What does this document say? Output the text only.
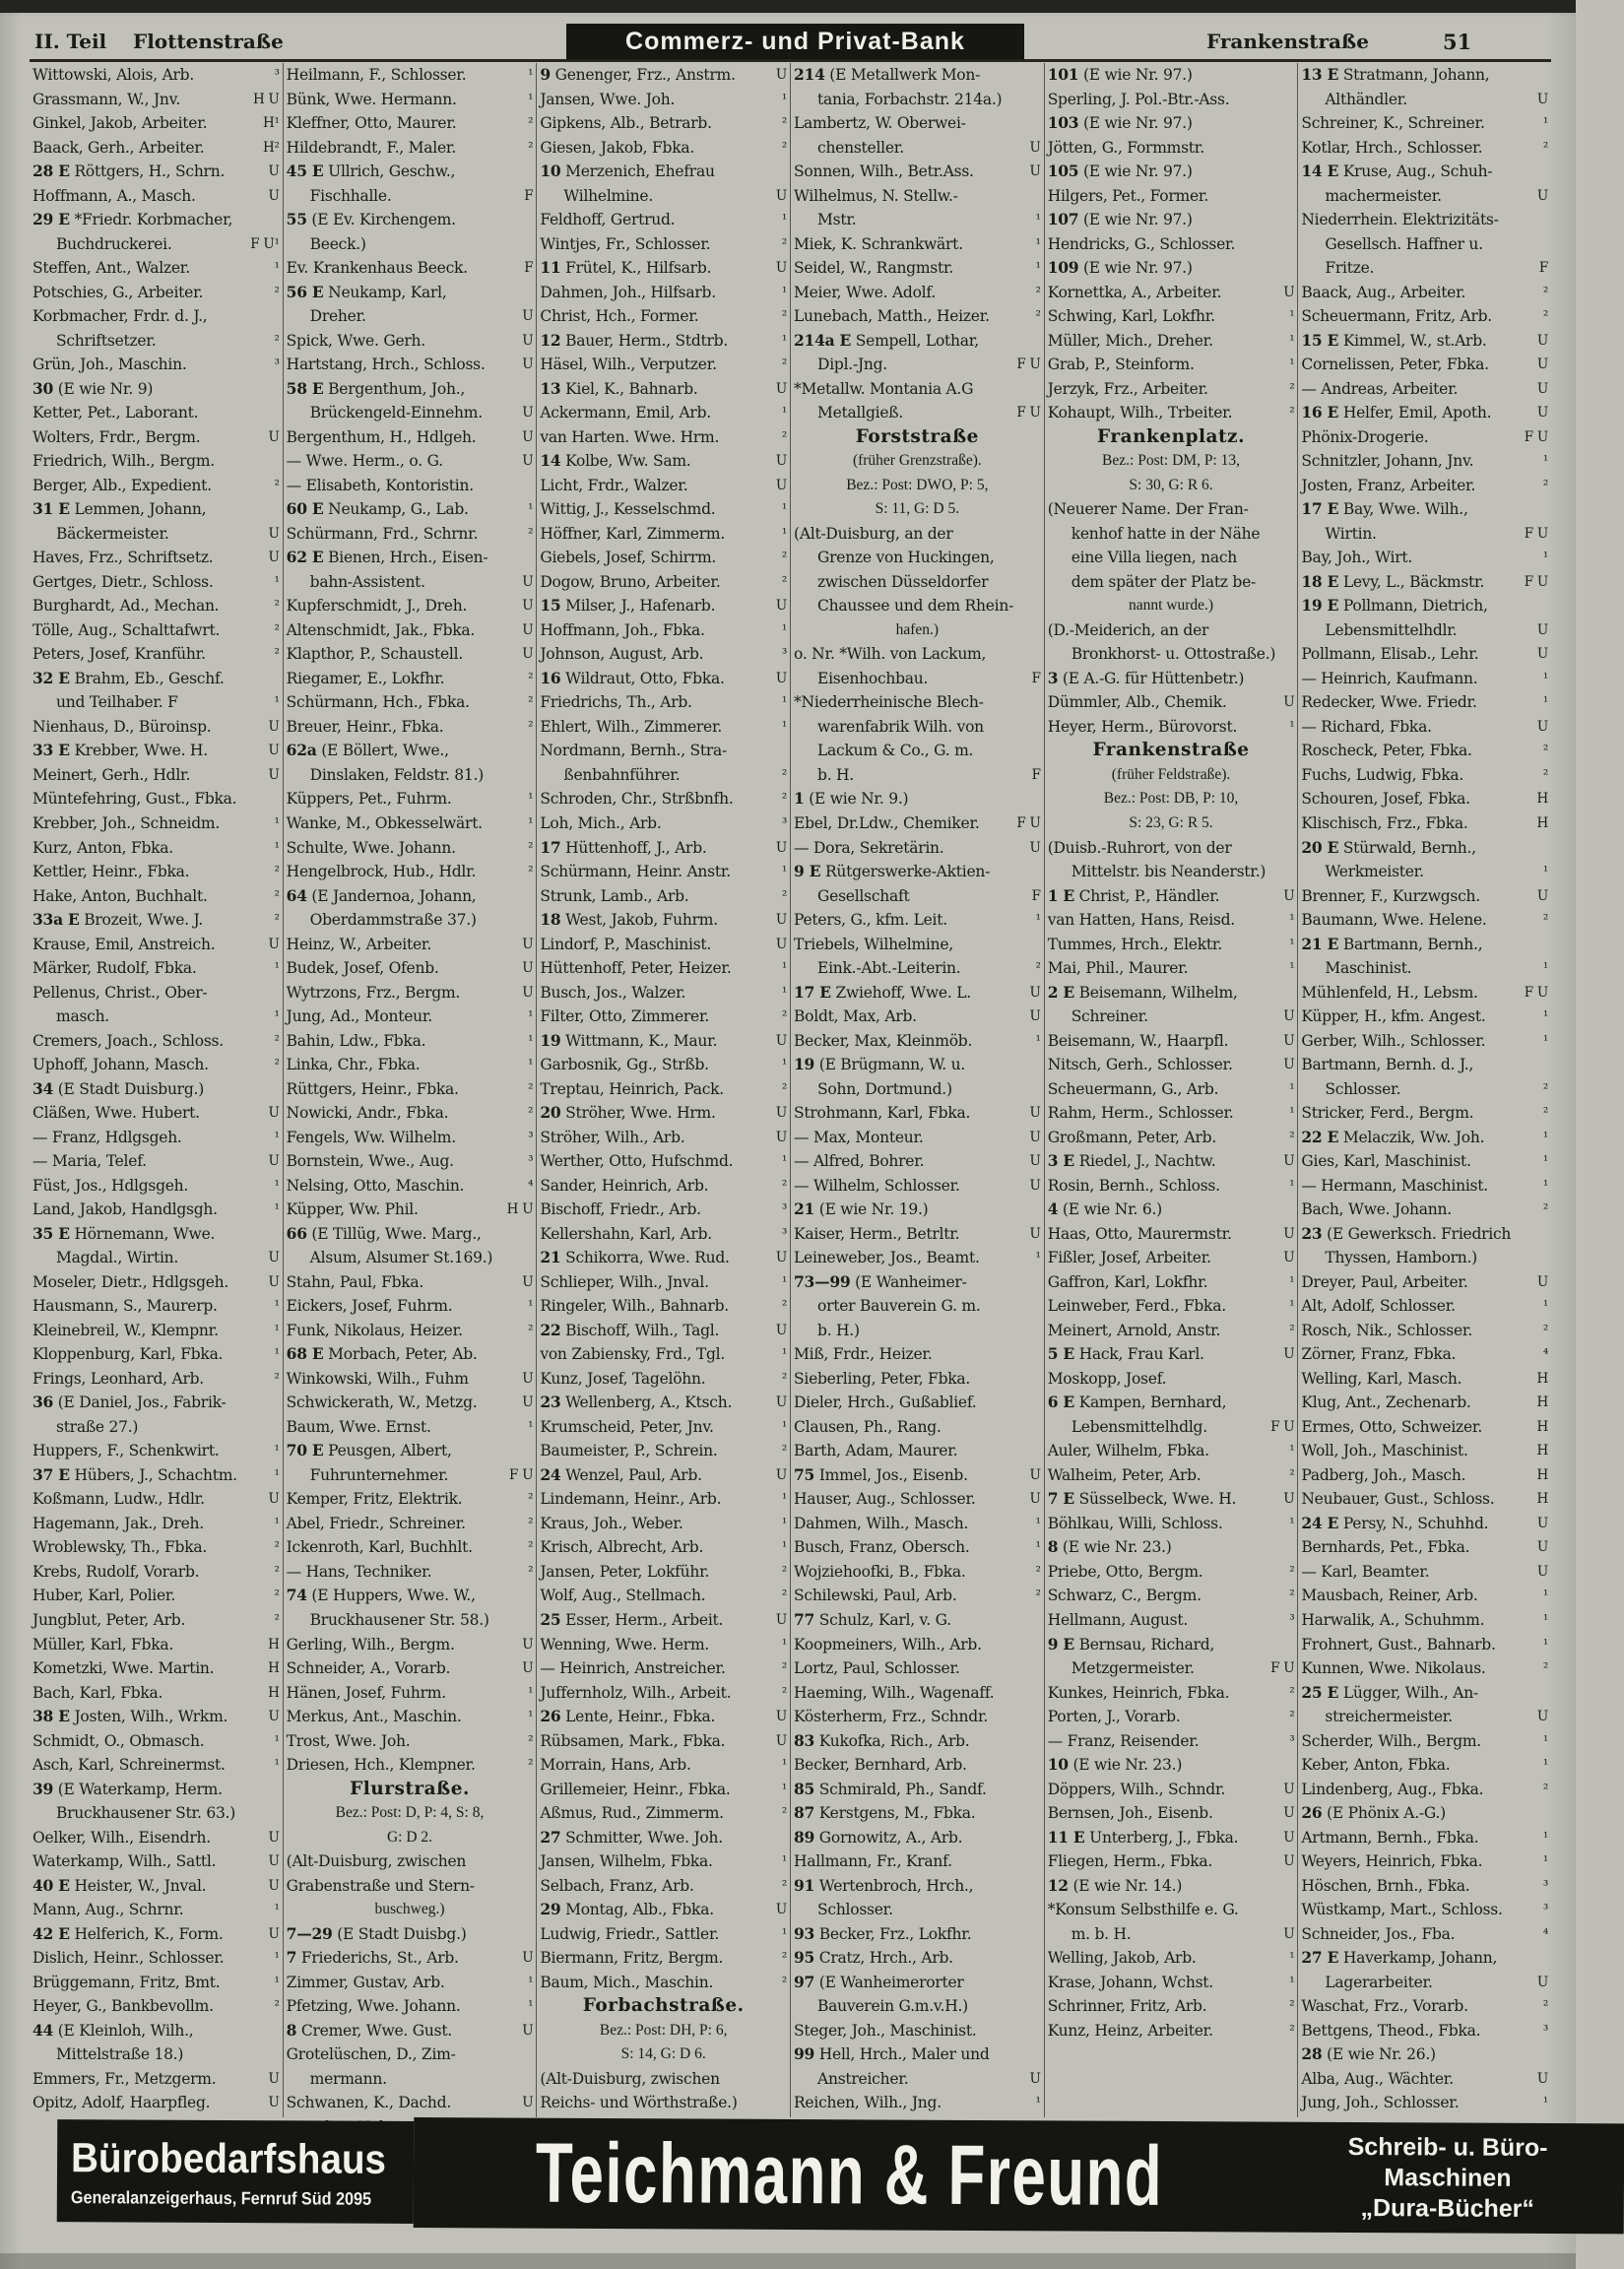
II. Teil Flottenstraße	Commerz- und Privat-Bank	Frankenstraße	51
Wittowski, Alois, Arb.	³
Grassmann, W., Jnv.	H U
Ginkel, Jakob, Arbeiter.	H¹
Baack, Gerh., Arbeiter.	H²
28 E Röttgers, H., Schrn.	U
Hoffmann, A., Masch.	U
29 E *Friedr. Korbmacher,
Buchdruckerei.	F U¹
Steffen, Ant., Walzer.	¹
Potschies, G., Arbeiter.	²
Korbmacher, Frdr. d. J.,
Schriftsetzer.	²
Grün, Joh., Maschin.	³
30 (E wie Nr. 9)
Ketter, Pet., Laborant.
Wolters, Frdr., Bergm.	U
Friedrich, Wilh., Bergm.
Berger, Alb., Expedient.	²
31 E Lemmen, Johann,
Bäckermeister.	U
Haves, Frz., Schriftsetz.	U
Gertges, Dietr., Schloss.	¹
Burghardt, Ad., Mechan.	²
Tölle, Aug., Schalttafwrt.	²
Peters, Josef, Kranführ.	²
32 E Brahm, Eb., Geschf.
und Teilhaber. F	¹
Nienhaus, D., Büroinsp.	U
33 E Krebber, Wwe. H.	U
Meinert, Gerh., Hdlr.	U
Müntefehring, Gust., Fbka.
Krebber, Joh., Schneidm.	¹
Kurz, Anton, Fbka.	¹
Kettler, Heinr., Fbka.	²
Hake, Anton, Buchhalt.	²
33a E Brozeit, Wwe. J.	²
Krause, Emil, Anstreich.	U
Märker, Rudolf, Fbka.	¹
Pellenus, Christ., Ober-
masch.	¹
Cremers, Joach., Schloss.	²
Uphoff, Johann, Masch.	²
34 (E Stadt Duisburg.)
Cläßen, Wwe. Hubert.	U
— Franz, Hdlgsgeh.	¹
— Maria, Telef.	U
Füst, Jos., Hdlgsgeh.	¹
Land, Jakob, Handlgsgh.	¹
35 E Hörnemann, Wwe.
Magdal., Wirtin.	U
Moseler, Dietr., Hdlgsgeh.	U
Hausmann, S., Maurerp.	¹
Kleinebreil, W., Klempnr.	¹
Kloppenburg, Karl, Fbka.	¹
Frings, Leonhard, Arb.	²
36 (E Daniel, Jos., Fabrik-
straße 27.)
Huppers, F., Schenkwirt.	¹
37 E Hübers, J., Schachtm.	¹
Koßmann, Ludw., Hdlr.	U
Hagemann, Jak., Dreh.	¹
Wroblewsky, Th., Fbka.	²
Krebs, Rudolf, Vorarb.	²
Huber, Karl, Polier.	²
Jungblut, Peter, Arb.	²
Müller, Karl, Fbka.	H
Kometzki, Wwe. Martin.	H
Bach, Karl, Fbka.	H
38 E Josten, Wilh., Wrkm.	U
Schmidt, O., Obmasch.	¹
Asch, Karl, Schreinermst.	¹
39 (E Waterkamp, Herm.
Bruckhausener Str. 63.)
Oelker, Wilh., Eisendrh.	U
Waterkamp, Wilh., Sattl.	U
40 E Heister, W., Jnval.	U
Mann, Aug., Schrnr.	¹
42 E Helferich, K., Form.	U
Dislich, Heinr., Schlosser.	¹
Brüggemann, Fritz, Bmt.	¹
Heyer, G., Bankbevollm.	²
44 (E Kleinloh, Wilh.,
Mittelstraße 18.)
Emmers, Fr., Metzgerm.	U
Opitz, Adolf, Haarpfleg.	U
Heilmann, F., Schlosser.	¹
Bünk, Wwe. Hermann.	¹
Kleffner, Otto, Maurer.	²
Hildebrandt, F., Maler.	²
45 E Ullrich, Geschw.,
Fischhalle.	F
55 (E Ev. Kirchengem.
Beeck.)
Ev. Krankenhaus Beeck.	F
56 E Neukamp, Karl,
Dreher.	U
Spick, Wwe. Gerh.	U
Hartstang, Hrch., Schloss.	U
58 E Bergenthum, Joh.,
Brückengeld-Einnehm.	U
Bergenthum, H., Hdlgeh.	U
— Wwe. Herm., o. G.	U
— Elisabeth, Kontoristin.
60 E Neukamp, G., Lab.	¹
Schürmann, Frd., Schrnr.	²
62 E Bienen, Hrch., Eisen-
bahn-Assistent.	U
Kupferschmidt, J., Dreh.	U
Altenschmidt, Jak., Fbka.	U
Klapthor, P., Schaustell.	U
Riegamer, E., Lokfhr.	²
Schürmann, Hch., Fbka.	²
Breuer, Heinr., Fbka.	²
62a (E Böllert, Wwe.,
Dinslaken, Feldstr. 81.)
Küppers, Pet., Fuhrm.	¹
Wanke, M., Obkesselwärt.	¹
Schulte, Wwe. Johann.	²
Hengelbrock, Hub., Hdlr.	²
64 (E Jandernoa, Johann,
Oberdammstraße 37.)
Heinz, W., Arbeiter.	U
Budek, Josef, Ofenb.	U
Wytrzons, Frz., Bergm.	U
Jung, Ad., Monteur.	¹
Bahin, Ldw., Fbka.	¹
Linka, Chr., Fbka.	¹
Rüttgers, Heinr., Fbka.	²
Nowicki, Andr., Fbka.	²
Fengels, Ww. Wilhelm.	³
Bornstein, Wwe., Aug.	³
Nelsing, Otto, Maschin.	⁴
Küpper, Ww. Phil.	H U
66 (E Tillüg, Wwe. Marg.,
Alsum, Alsumer St.169.)
Stahn, Paul, Fbka.	U
Eickers, Josef, Fuhrm.	¹
Funk, Nikolaus, Heizer.	²
68 E Morbach, Peter, Ab.
Winkowski, Wilh., Fuhm	U
Schwickerath, W., Metzg.	U
Baum, Wwe. Ernst.	¹
70 E Peusgen, Albert,
Fuhrunternehmer.	F U
Kemper, Fritz, Elektrik.	²
Abel, Friedr., Schreiner.	²
Ickenroth, Karl, Buchhlt.	²
— Hans, Techniker.	²
74 (E Huppers, Wwe. W.,
Bruckhausener Str. 58.)
Gerling, Wilh., Bergm.	U
Schneider, A., Vorarb.	U
Hänen, Josef, Fuhrm.	¹
Merkus, Ant., Maschin.	¹
Trost, Wwe. Joh.	²
Driesen, Hch., Klempner.	²
Flurstraße.
Bez.: Post: D, P: 4, S: 8,
G: D 2.
(Alt-Duisburg, zwischen
Grabenstraße und Stern-
buschweg.)
7—29 (E Stadt Duisbg.)
7 Friederichs, St., Arb.	U
Zimmer, Gustav, Arb.	¹
Pfetzing, Wwe. Johann.	¹
8 Cremer, Wwe. Gust.	U
Grotelüschen, D., Zim-
mermann.
Schwanen, K., Dachd.	U
9 Genenger, Frz., Anstrm.	U
Jansen, Wwe. Joh.	¹
Gipkens, Alb., Betrarb.	²
Giesen, Jakob, Fbka.	²
10 Merzenich, Ehefrau
Wilhelmine.	U
Feldhoff, Gertrud.	¹
Wintjes, Fr., Schlosser.	²
11 Frütel, K., Hilfsarb.	U
Dahmen, Joh., Hilfsarb.	¹
Christ, Hch., Former.	²
12 Bauer, Herm., Stdtrb.	¹
Häsel, Wilh., Verputzer.	²
13 Kiel, K., Bahnarb.	U
Ackermann, Emil, Arb.	¹
van Harten. Wwe. Hrm.	²
14 Kolbe, Ww. Sam.	U
Licht, Frdr., Walzer.	U
Wittig, J., Kesselschmd.	¹
Höffner, Karl, Zimmerm.	¹
Giebels, Josef, Schirrm.	²
Dogow, Bruno, Arbeiter.	²
15 Milser, J., Hafenarb.	U
Hoffmann, Joh., Fbka.	¹
Johnson, August, Arb.	³
16 Wildraut, Otto, Fbka.	U
Friedrichs, Th., Arb.	¹
Ehlert, Wilh., Zimmerer.	¹
Nordmann, Bernh., Stra-
ßenbahnführer.	²
Schroden, Chr., Strßbnfh.	²
Loh, Mich., Arb.	³
17 Hüttenhoff, J., Arb.	U
Schürmann, Heinr. Anstr.	¹
Strunk, Lamb., Arb.	²
18 West, Jakob, Fuhrm.	U
Lindorf, P., Maschinist.	U
Hüttenhoff, Peter, Heizer.	¹
Busch, Jos., Walzer.	¹
Filter, Otto, Zimmerer.	²
19 Wittmann, K., Maur.	U
Garbosnik, Gg., Strßb.	¹
Treptau, Heinrich, Pack.	²
20 Ströher, Wwe. Hrm.	U
Ströher, Wilh., Arb.	U
Werther, Otto, Hufschmd.	¹
Sander, Heinrich, Arb.	²
Bischoff, Friedr., Arb.	³
Kellershahn, Karl, Arb.	³
21 Schikorra, Wwe. Rud.	U
Schlieper, Wilh., Jnval.	¹
Ringeler, Wilh., Bahnarb.	²
22 Bischoff, Wilh., Tagl.	U
von Zabiensky, Frd., Tgl.	¹
Kunz, Josef, Tagelöhn.	²
23 Wellenberg, A., Ktsch.	U
Krumscheid, Peter, Jnv.	¹
Baumeister, P., Schrein.	²
24 Wenzel, Paul, Arb.	U
Lindemann, Heinr., Arb.	¹
Kraus, Joh., Weber.	¹
Krisch, Albrecht, Arb.	¹
Jansen, Peter, Lokführ.	²
Wolf, Aug., Stellmach.	²
25 Esser, Herm., Arbeit.	U
Wenning, Wwe. Herm.	¹
— Heinrich, Anstreicher.	²
Juffernholz, Wilh., Arbeit.	²
26 Lente, Heinr., Fbka.	U
Rübsamen, Mark., Fbka.	U
Morrain, Hans, Arb.	¹
Grillemeier, Heinr., Fbka.	¹
Aßmus, Rud., Zimmerm.	²
27 Schmitter, Wwe. Joh.
Jansen, Wilhelm, Fbka.	¹
Selbach, Franz, Arb.	²
29 Montag, Alb., Fbka.	U
Ludwig, Friedr., Sattler.	¹
Biermann, Fritz, Bergm.	²
Baum, Mich., Maschin.	²
Forbachstraße.
Bez.: Post: DH, P: 6,
S: 14, G: D 6.
(Alt-Duisburg, zwischen
Reichs- und Wörthstraße.)
214 (E Metallwerk Mon-
tania, Forbachstr. 214a.)
Lambertz, W. Oberwei-
chensteller.	U
Sonnen, Wilh., Betr.Ass.	U
Wilhelmus, N. Stellw.-
Mstr.	¹
Miek, K. Schrankwärt.	¹
Seidel, W., Rangmstr.	¹
Meier, Wwe. Adolf.	²
Lunebach, Matth., Heizer.	²
214a E Sempell, Lothar,
Dipl.-Jng.	F U
*Metallw. Montania A.G
Metallgieß.	F U
Forststraße
(früher Grenzstraße).
Bez.: Post: DWO, P: 5,
S: 11, G: D 5.
(Alt-Duisburg, an der
Grenze von Huckingen,
zwischen Düsseldorfer
Chaussee und dem Rhein-
hafen.)
o. Nr. *Wilh. von Lackum,
Eisenhochbau.	F
*Niederrheinische Blech-
warenfabrik Wilh. von
Lackum & Co., G. m.
b. H.	F
1 (E wie Nr. 9.)
Ebel, Dr.Ldw., Chemiker.	F U
— Dora, Sekretärin.	U
9 E Rütgerswerke-Aktien-
Gesellschaft	F
Peters, G., kfm. Leit.	¹
Triebels, Wilhelmine,
Eink.-Abt.-Leiterin.	²
17 E Zwiehoff, Wwe. L.	U
Boldt, Max, Arb.	U
Becker, Max, Kleinmöb.	¹
19 (E Brügmann, W. u.
Sohn, Dortmund.)
Strohmann, Karl, Fbka.	U
— Max, Monteur.	U
— Alfred, Bohrer.	U
— Wilhelm, Schlosser.	U
21 (E wie Nr. 19.)
Kaiser, Herm., Betrltr.	U
Leineweber, Jos., Beamt.	¹
73—99 (E Wanheimer-
orter Bauverein G. m.
b. H.)
Miß, Frdr., Heizer.
Sieberling, Peter, Fbka.
Dieler, Hrch., Gußablief.
Clausen, Ph., Rang.
Barth, Adam, Maurer.
75 Immel, Jos., Eisenb.	U
Hauser, Aug., Schlosser.	U
Dahmen, Wilh., Masch.	¹
Busch, Franz, Obersch.	¹
Wojziehoofki, B., Fbka.	²
Schilewski, Paul, Arb.	²
77 Schulz, Karl, v. G.
Koopmeiners, Wilh., Arb.
Lortz, Paul, Schlosser.
Haeming, Wilh., Wagenaff.
Kösterherm, Frz., Schndr.
83 Kukofka, Rich., Arb.
Becker, Bernhard, Arb.
85 Schmirald, Ph., Sandf.
87 Kerstgens, M., Fbka.
89 Gornowitz, A., Arb.
Hallmann, Fr., Kranf.
91 Wertenbroch, Hrch.,
Schlosser.
93 Becker, Frz., Lokfhr.
95 Cratz, Hrch., Arb.
97 (E Wanheimerorter
Bauverein G.m.v.H.)
Steger, Joh., Maschinist.
99 Hell, Hrch., Maler und
Anstreicher.	U
Reichen, Wilh., Jng.	¹
101 (E wie Nr. 97.)
Sperling, J. Pol.-Btr.-Ass.
103 (E wie Nr. 97.)
Jötten, G., Formmstr.
105 (E wie Nr. 97.)
Hilgers, Pet., Former.
107 (E wie Nr. 97.)
Hendricks, G., Schlosser.
109 (E wie Nr. 97.)
Kornettka, A., Arbeiter.	U
Schwing, Karl, Lokfhr.	¹
Müller, Mich., Dreher.	¹
Grab, P., Steinform.	¹
Jerzyk, Frz., Arbeiter.	²
Kohaupt, Wilh., Trbeiter.	²
Frankenplatz.
Bez.: Post: DM, P: 13,
S: 30, G: R 6.
(Neuerer Name. Der Fran-
kenhof hatte in der Nähe
eine Villa liegen, nach
dem später der Platz be-
nannt wurde.)
(D.-Meiderich, an der
Bronkhorst- u. Ottostraße.)
3 (E A.-G. für Hüttenbetr.)
Dümmler, Alb., Chemik.	U
Heyer, Herm., Bürovorst.	¹
Frankenstraße
(früher Feldstraße).
Bez.: Post: DB, P: 10,
S: 23, G: R 5.
(Duisb.-Ruhrort, von der
Mittelstr. bis Neanderstr.)
1 E Christ, P., Händler.	U
van Hatten, Hans, Reisd.	¹
Tummes, Hrch., Elektr.	¹
Mai, Phil., Maurer.	¹
2 E Beisemann, Wilhelm,
Schreiner.	U
Beisemann, W., Haarpfl.	U
Nitsch, Gerh., Schlosser.	U
Scheuermann, G., Arb.	¹
Rahm, Herm., Schlosser.	¹
Großmann, Peter, Arb.	²
3 E Riedel, J., Nachtw.	U
Rosin, Bernh., Schloss.	¹
4 (E wie Nr. 6.)
Haas, Otto, Maurermstr.	U
Fißler, Josef, Arbeiter.	U
Gaffron, Karl, Lokfhr.	¹
Leinweber, Ferd., Fbka.	¹
Meinert, Arnold, Anstr.	²
5 E Hack, Frau Karl.	U
Moskopp, Josef.
6 E Kampen, Bernhard,
Lebensmittelhdlg.	F U
Auler, Wilhelm, Fbka.	¹
Walheim, Peter, Arb.	²
7 E Süsselbeck, Wwe. H.	U
Böhlkau, Willi, Schloss.	¹
8 (E wie Nr. 23.)
Priebe, Otto, Bergm.	²
Schwarz, C., Bergm.	²
Hellmann, August.	³
9 E Bernsau, Richard,
Metzgermeister.	F U
Kunkes, Heinrich, Fbka.	²
Porten, J., Vorarb.	²
— Franz, Reisender.	³
10 (E wie Nr. 23.)
Döppers, Wilh., Schndr.	U
Bernsen, Joh., Eisenb.	U
11 E Unterberg, J., Fbka.	U
Fliegen, Herm., Fbka.	U
12 (E wie Nr. 14.)
*Konsum Selbsthilfe e. G.
m. b. H.	U
Welling, Jakob, Arb.	¹
Krase, Johann, Wchst.	¹
Schrinner, Fritz, Arb.	²
Kunz, Heinz, Arbeiter.	²
13 E Stratmann, Johann,
Althändler.	U
Schreiner, K., Schreiner.	¹
Kotlar, Hrch., Schlosser.	²
14 E Kruse, Aug., Schuh-
machermeister.	U
Niederrhein. Elektrizitäts-
Gesellsch. Haffner u.
Fritze.	F
Baack, Aug., Arbeiter.	²
Scheuermann, Fritz, Arb.	²
15 E Kimmel, W., st.Arb.	U
Cornelissen, Peter, Fbka.	U
— Andreas, Arbeiter.	U
16 E Helfer, Emil, Apoth.	U
Phönix-Drogerie.	F U
Schnitzler, Johann, Jnv.	¹
Josten, Franz, Arbeiter.	²
17 E Bay, Wwe. Wilh.,
Wirtin.	F U
Bay, Joh., Wirt.	¹
18 E Levy, L., Bäckmstr.	F U
19 E Pollmann, Dietrich,
Lebensmittelhdlr.	U
Pollmann, Elisab., Lehr.	U
— Heinrich, Kaufmann.	¹
Redecker, Wwe. Friedr.	¹
— Richard, Fbka.	U
Roscheck, Peter, Fbka.	²
Fuchs, Ludwig, Fbka.	²
Schouren, Josef, Fbka.	H
Klischisch, Frz., Fbka.	H
20 E Stürwald, Bernh.,
Werkmeister.	¹
Brenner, F., Kurzwgsch.	U
Baumann, Wwe. Helene.	²
21 E Bartmann, Bernh.,
Maschinist.	¹
Mühlenfeld, H., Lebsm.	F U
Küpper, H., kfm. Angest.	¹
Gerber, Wilh., Schlosser.	¹
Bartmann, Bernh. d. J.,
Schlosser.	²
Stricker, Ferd., Bergm.	²
22 E Melaczik, Ww. Joh.	¹
Gies, Karl, Maschinist.	¹
— Hermann, Maschinist.	¹
Bach, Wwe. Johann.	²
23 (E Gewerksch. Friedrich
Thyssen, Hamborn.)
Dreyer, Paul, Arbeiter.	U
Alt, Adolf, Schlosser.	¹
Rosch, Nik., Schlosser.	²
Zörner, Franz, Fbka.	⁴
Welling, Karl, Masch.	H
Klug, Ant., Zechenarb.	H
Ermes, Otto, Schweizer.	H
Woll, Joh., Maschinist.	H
Padberg, Joh., Masch.	H
Neubauer, Gust., Schloss.	H
24 E Persy, N., Schuhhd.	U
Bernhards, Pet., Fbka.	U
— Karl, Beamter.	U
Mausbach, Reiner, Arb.	¹
Harwalik, A., Schuhmm.	¹
Frohnert, Gust., Bahnarb.	¹
Kunnen, Wwe. Nikolaus.	²
25 E Lügger, Wilh., An-
streichermeister.	U
Scherder, Wilh., Bergm.	¹
Keber, Anton, Fbka.	¹
Lindenberg, Aug., Fbka.	²
26 (E Phönix A.-G.)
Artmann, Bernh., Fbka.	¹
Weyers, Heinrich, Fbka.	¹
Höschen, Brnh., Fbka.	³
Wüstkamp, Mart., Schloss.	³
Schneider, Jos., Fba.	⁴
27 E Haverkamp, Johann,
Lagerarbeiter.	U
Waschat, Frz., Vorarb.	²
Bettgens, Theod., Fbka.	³
28 (E wie Nr. 26.)
Alba, Aug., Wächter.	U
Jung, Joh., Schlosser.	¹
Bürobedarfshaus
Generalanzeigerhaus, Fernruf Süd 2095 Teichmann & Freund	Schreib- u. Büro-
Maschinen
„Dura-Bücher“
